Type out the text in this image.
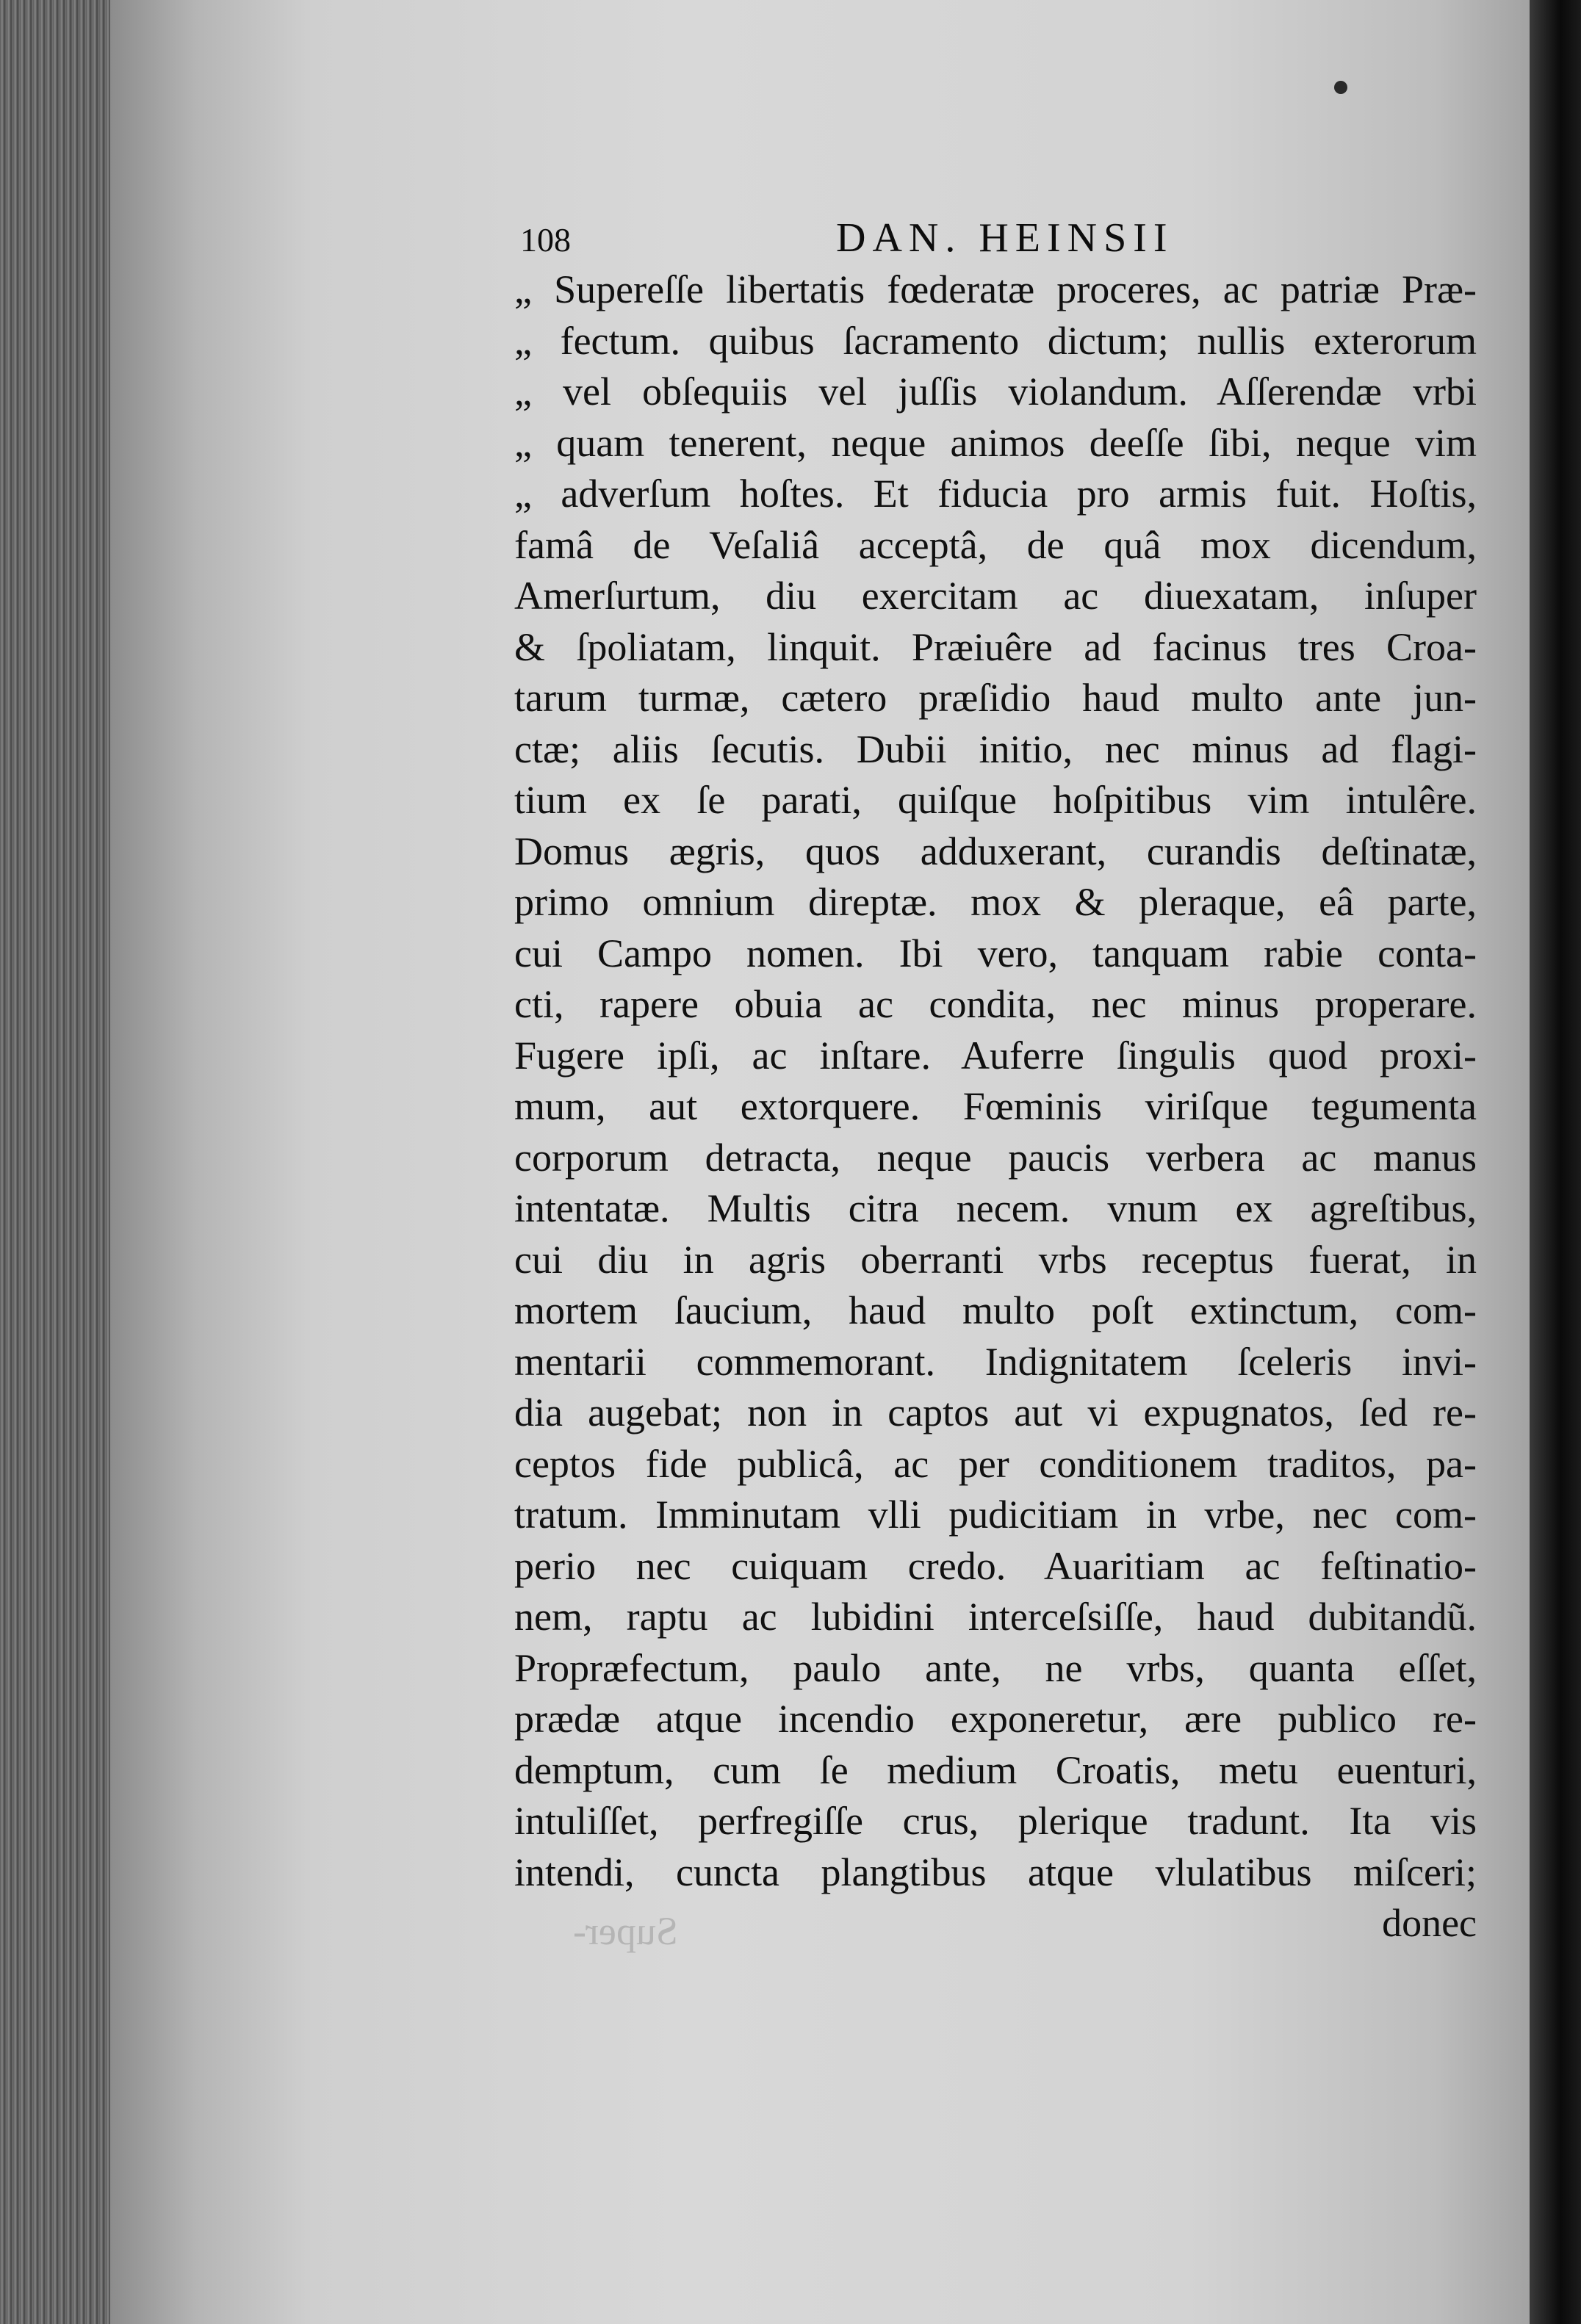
108	DAN. HEINSII
„ Supereſſe libertatis fœderatæ proceres, ac patriæ Præ-
„ fectum. quibus ſacramento dictum; nullis exterorum
„ vel obſequiis vel juſſis violandum. Aſſerendæ vrbi
„ quam tenerent, neque animos deeſſe ſibi, neque vim
„ adverſum hoſtes. Et fiducia pro armis fuit. Hoſtis,
famâ de Veſaliâ acceptâ, de quâ mox dicendum,
Amerſurtum, diu exercitam ac diuexatam, inſuper
& ſpoliatam, linquit. Præiuêre ad facinus tres Croa-
tarum turmæ, cætero præſidio haud multo ante jun-
ctæ; aliis ſecutis. Dubii initio, nec minus ad flagi-
tium ex ſe parati, quiſque hoſpitibus vim intulêre.
Domus ægris, quos adduxerant, curandis deſtinatæ,
primo omnium direptæ. mox & pleraque, eâ parte,
cui Campo nomen. Ibi vero, tanquam rabie conta-
cti, rapere obuia ac condita, nec minus properare.
Fugere ipſi, ac inſtare. Auferre ſingulis quod proxi-
mum, aut extorquere. Fœminis viriſque tegumenta
corporum detracta, neque paucis verbera ac manus
intentatæ. Multis citra necem. vnum ex agreſtibus,
cui diu in agris oberranti vrbs receptus fuerat, in
mortem ſaucium, haud multo poſt extinctum, com-
mentarii commemorant. Indignitatem ſceleris invi-
dia augebat; non in captos aut vi expugnatos, ſed re-
ceptos fide publicâ, ac per conditionem traditos, pa-
tratum. Imminutam vlli pudicitiam in vrbe, nec com-
perio nec cuiquam credo. Auaritiam ac feſtinatio-
nem, raptu ac lubidini interceſsiſſe, haud dubitandũ.
Propræfectum, paulo ante, ne vrbs, quanta eſſet,
prædæ atque incendio exponeretur, ære publico re-
demptum, cum ſe medium Croatis, metu euenturi,
intuliſſet, perfregiſſe crus, plerique tradunt. Ita vis
intendi, cuncta plangtibus atque vlulatibus miſceri;
donec
Super-
